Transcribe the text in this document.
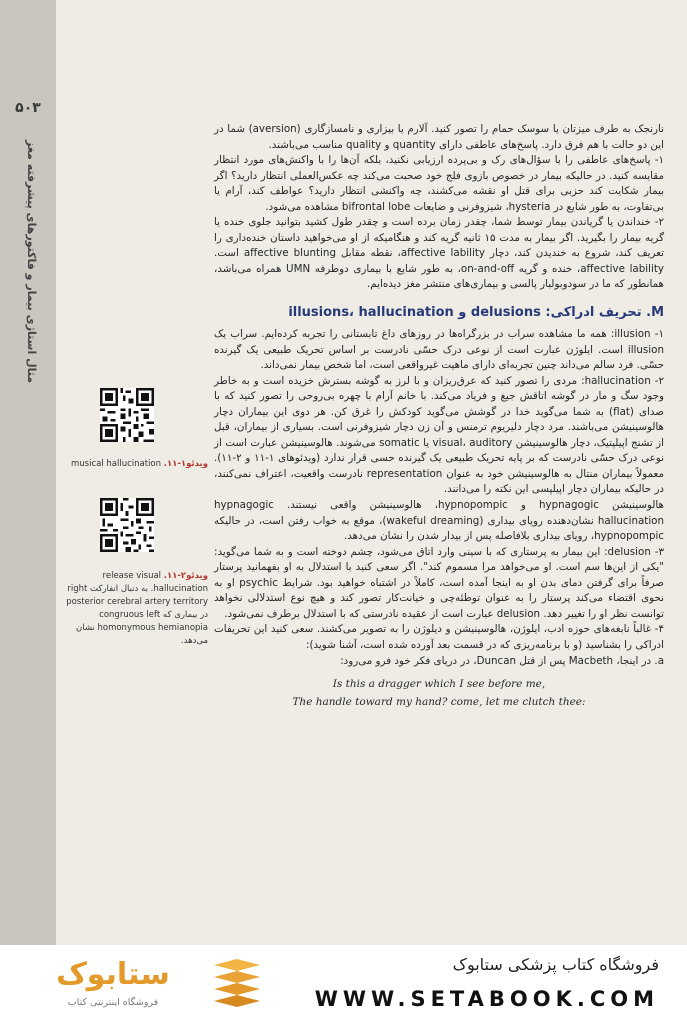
۵۰۳
مثال استاژی بیمار و فاکتورهای پیشرفته مغز
ویدئو۱-۱۱. musical hallucination
ویدئو۲-۱۱. release visual hallucination. به دنبال انفارکت right posterior cerebral artery territory در بیماری که congruous left homonymous hemianopia نشان می‌دهد.

نارنجک به طرف میزتان یا سوسک حمام را تصور کنید. آلارم یا بیزاری و نامسازگاری (aversion) شما در این دو حالت با هم فرق دارد. پاسخ‌های عاطفی دارای quantity و quality مناسب می‌باشند.

۱- پاسخ‌های عاطفی را با سؤال‌های رک و بی‌پرده ارزیابی نکنید، بلکه آن‌ها را با واکنش‌های مورد انتظار مقایسه کنید. در حالیکه بیمار در خصوص بازوی فلج خود صحبت می‌کند چه عکس‌العملی انتظار دارید؟ اگر بیمار شکایت کند حزبی برای قتل او نقشه می‌کشند، چه واکنشی انتظار دارید؟ عواطف کند، آرام یا بی‌تفاوت، به طور شایع در hysteria، شیزوفرنی و ضایعات bifrontal lobe مشاهده می‌شود.

۲- خنداندن یا گریاندن بیمار توسط شما، چقدر زمان برده است و چقدر طول کشید بتوانید جلوی خنده یا گریه بیمار را بگیرید. اگر بیمار به مدت ۱۵ ثانیه گریه کند و هنگامیکه از او می‌خواهید داستان خنده‌داری را تعریف کند، شروع به خندیدن کند، دچار affective lability، نقطه مقابل affective blunting است. affective lability، خنده و گریه on-and-off، به طور شایع با بیماری دوطرفه UMN همراه می‌باشد، همانطور که ما در سودوبولبار پالسی و بیماری‌های منتشر مغز دیده‌ایم.

M. تحریف ادراکی: delusions و illusions، hallucination

۱- illusion: همه ما مشاهده سراب در بزرگراه‌ها در روزهای داغ تابستانی را تجربه کرده‌ایم. سراب یک illusion است. ایلوژن عبارت است از نوعی درک حسّی نادرست بر اساس تحریک طبیعی یک گیرنده حسّی. فرد سالم می‌داند چنین تجربه‌ای دارای ماهیت غیرواقعی است، اما شخص بیمار نمی‌داند.

۲- hallucination: مردی را تصور کنید که عرق‌ریزان و با لرز به گوشه بسترش خزیده است و به خاطر وجود سگ و مار در گوشه اتاقش جیغ و فریاد می‌کند. با خانم آرام با چهره بی‌روحی را تصور کنید که با صدای (flat) به شما می‌گوید خدا در گوشش می‌گوید کودکش را غرق کن. هر دوی این بیماران دچار هالوسینیشن می‌باشند. مرد دچار دلیریوم ترمنس و آن زن دچار شیزوفرنی است. بسیاری از بیماران، قبل از تشنج اپیلپتیک، دچار هالوسینیشن visual، auditory یا somatic می‌شوند. هالوسینیشن عبارت است از نوعی درک حسّی نادرست که بر پایه تحریک طبیعی یک گیرنده حسی قرار ندارد (ویدئوهای ۱-۱۱ و ۲-۱۱). معمولاً بیماران منتال به هالوسینیشن خود به عنوان representation نادرست واقعیت، اعتراف نمی‌کنند، در حالیکه بیماران دچار اپیلپسی این نکته را می‌دانند.

هالوسینیشن hypnagogic و hypnopompic، هالوسینیشن واقعی نیستند. hypnagogic hallucination نشان‌دهنده رویای بیداری (wakeful dreaming)، موقع به خواب رفتن است، در حالیکه hypnopompic، رویای بیداری بلافاصله پس از بیدار شدن را نشان می‌دهد.

۳- delusion: این بیمار به پرستاری که با سینی وارد اتاق می‌شود، چشم دوخته است و به شما می‌گوید: "یکی از این‌ها سم است. او می‌خواهد مرا مسموم کند". اگر سعی کنید با استدلال به او بفهمانید پرستار صرفاً برای گرفتن دمای بدن او به اینجا آمده است، کاملاً در اشتباه خواهید بود. شرایط psychic او به نحوی اقتضاء می‌کند پرستار را به عنوان توطئه‌چی و خیانت‌کار تصور کند و هیچ نوع استدلالی نخواهد توانست نظر او را تغییر دهد. delusion عبارت است از عقیده نادرستی که با استدلال برطرف نمی‌شود.

۴- غالباً نابغه‌های حوزه ادب، ایلوژن، هالوسینیشن و دیلوژن را به تصویر می‌کشند. سعی کنید این تحریفات ادراکی را بشناسید (و با برنامه‌ریزی که در قسمت بعد آورده شده است، آشنا شوید):

a. در اینجا، Macbeth پس از قتل Duncan، در دریای فکر خود فرو می‌رود:

Is this a dragger which I see before me,

The handle toward my hand? come, let me clutch thee:

ستابوک
فروشگاه اینترنتی کتاب
فروشگاه کتاب پزشکی ستابوک
WWW.SETABOOK.COM
